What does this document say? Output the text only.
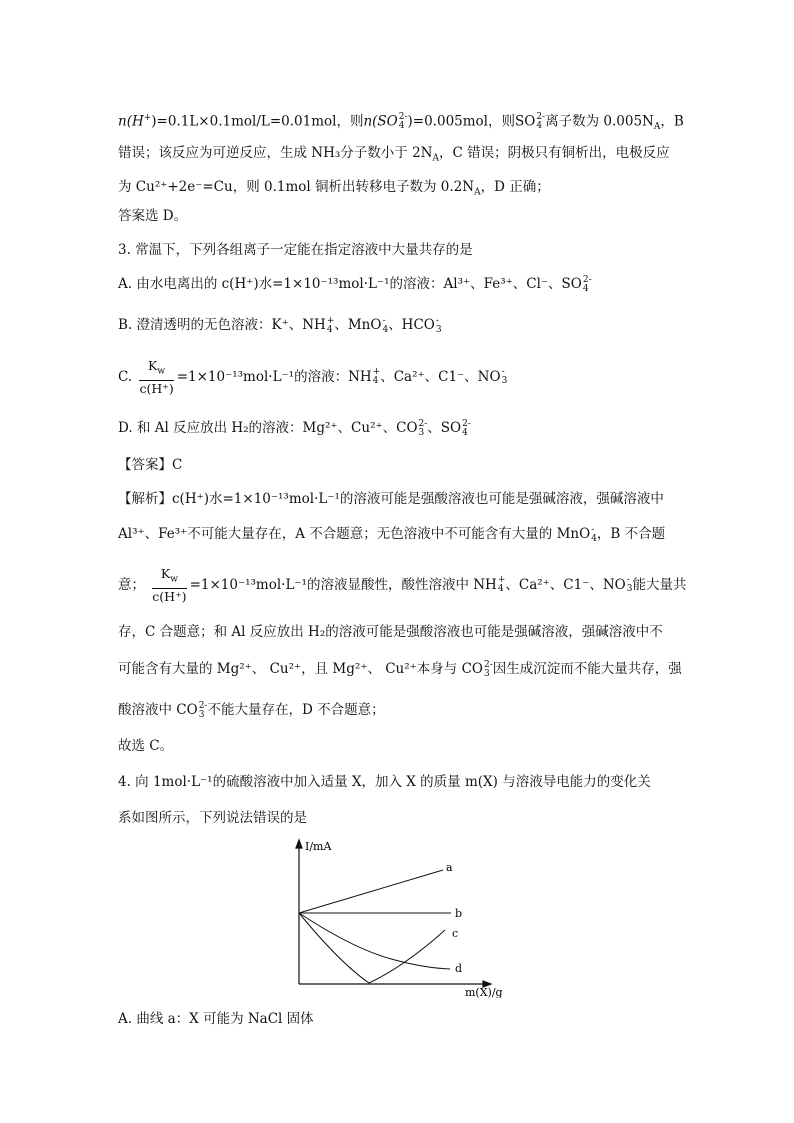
n(H+)=0.1L×0.1mol/L=0.01mol，则n(SO 2-
4 )=0.005mol，则SO 2-
4 离子数为 $0.005N_A$，B
错误；该反应为可逆反应，生成 NH₃分子数小于 $2N_A$，C 错误；阴极只有铜析出，电极反应
为 Cu²⁺+2e⁻=Cu，则 0.1mol 铜析出转移电子数为 $0.2N_A$，D 正确；
答案选 D。
3. 常温下，下列各组离子一定能在指定溶液中大量共存的是
A. 由水电离出的 c(H⁺)水=1×10⁻¹³mol·L⁻¹的溶液：Al³⁺、Fe³⁺、Cl⁻、SO 2-
4
B. 澄清透明的无色溶液：K⁺、NH +
4 、MnO -
4 、HCO -
3
C. $\frac{K_w}{c(H^+)} =1\times 10^{-13}mol\cdot L^{-1}$的溶液：NH +
4 、Ca²⁺、C1⁻、NO -
3
D. 和 Al 反应放出 H₂的溶液：Mg²⁺、Cu²⁺、CO 2-
3 、SO 2-
4
【答案】C
【解析】c(H⁺)水=1×10⁻¹³mol·L⁻¹的溶液可能是强酸溶液也可能是强碱溶液，强碱溶液中
Al³⁺、Fe³⁺不可能大量存在，A 不合题意；无色溶液中不可能含有大量的 MnO -
4 ，B 不合题
意； $\frac{K_w}{c(H^+)} =1\times 10^{-13}mol\cdot L^{-1}$的溶液显酸性，酸性溶液中 NH +
4 、Ca²⁺、C1⁻、NO -
3 能大量共
存，C 合题意；和 Al 反应放出 H₂的溶液可能是强酸溶液也可能是强碱溶液，强碱溶液中不
可能含有大量的 Mg²⁺、 Cu²⁺，且 Mg²⁺、 Cu²⁺本身与 CO 2-
3 因生成沉淀而不能大量共存，强
酸溶液中 CO 2-
3 不能大量存在，D 不合题意；
故选 C。
4. 向 1mol·L⁻¹的硫酸溶液中加入适量 X，加入 X 的质量 m(X) 与溶液导电能力的变化关
系如图所示，下列说法错误的是
I/mA
m(X)/g
a
b
c
d
A. 曲线 a：X 可能为 NaCl 固体
